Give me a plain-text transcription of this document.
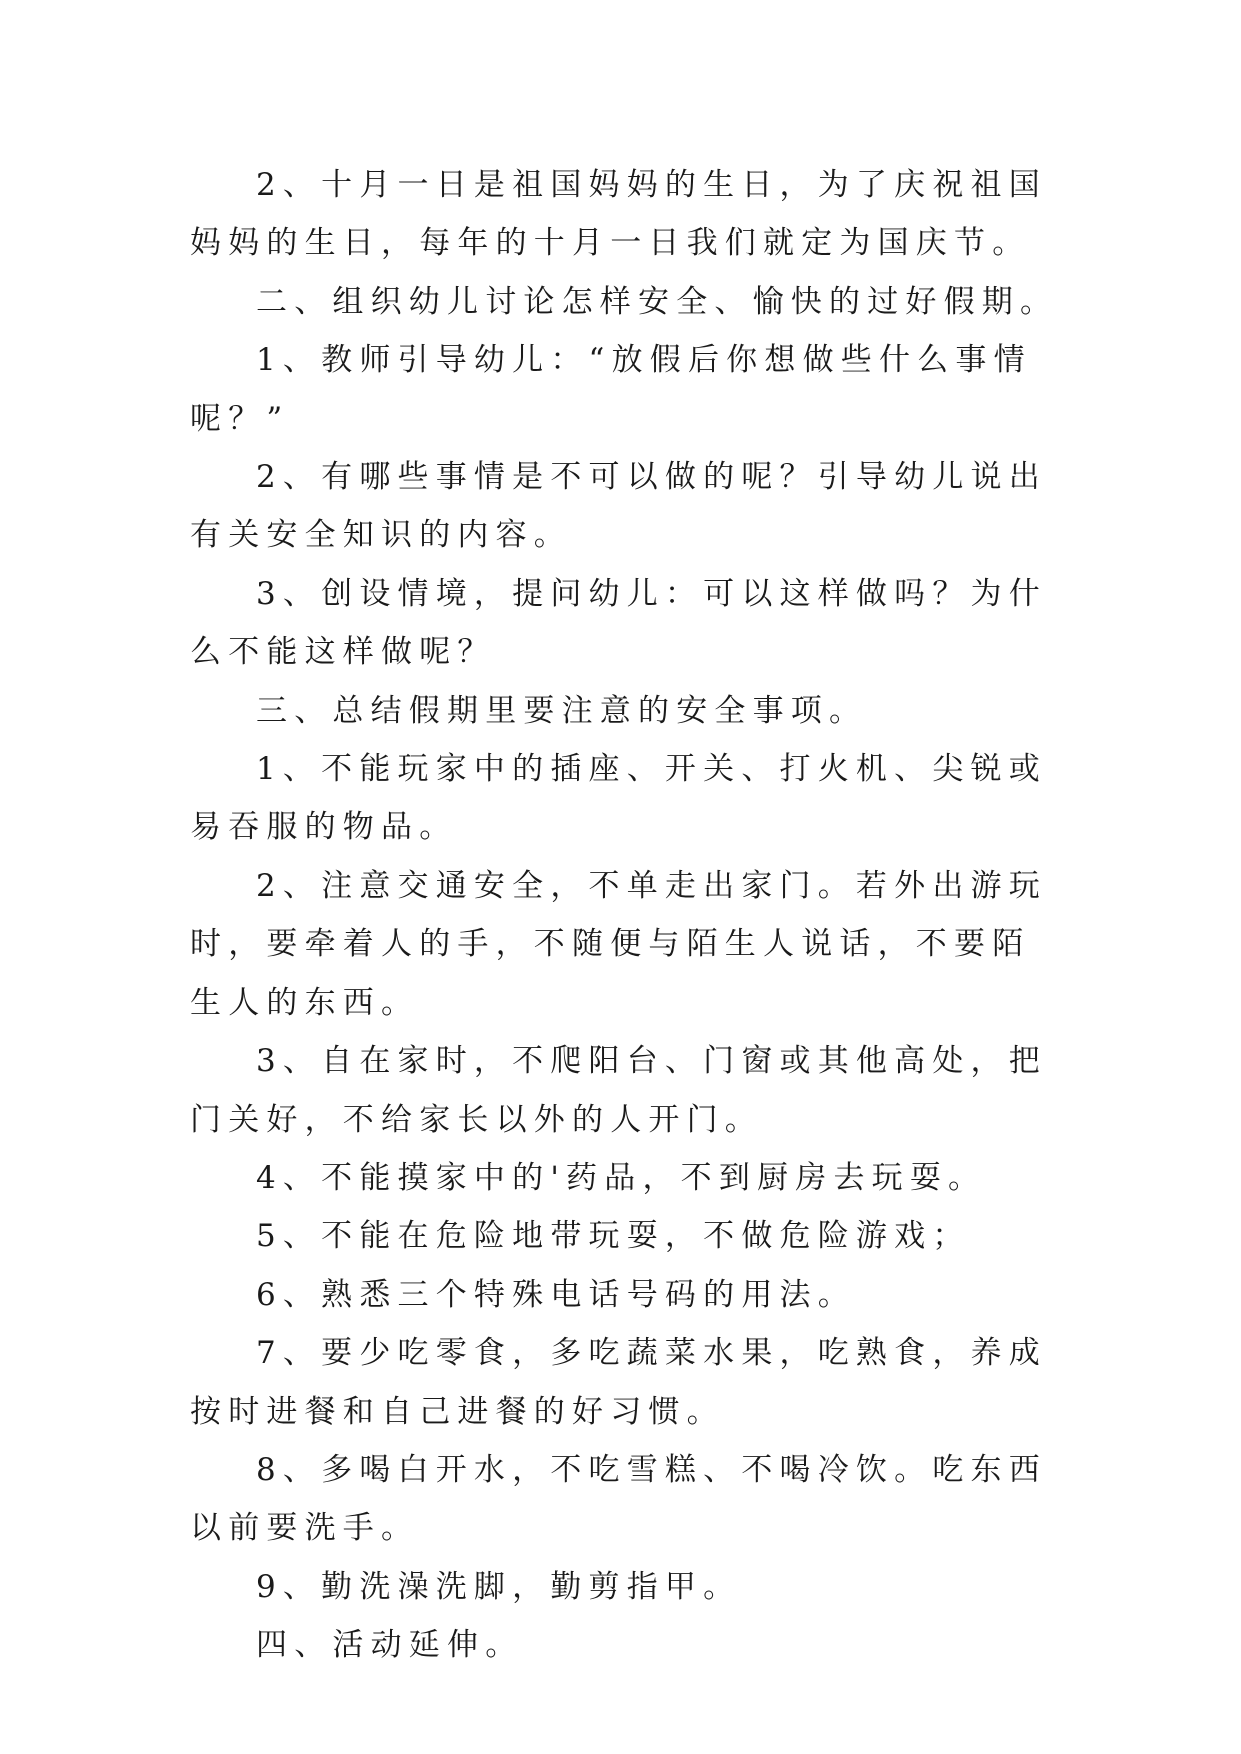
2、十月一日是祖国妈妈的生日，为了庆祝祖国妈妈的生日，每年的十月一日我们就定为国庆节。

二、组织幼儿讨论怎样安全、愉快的过好假期。

1、教师引导幼儿：“放假后你想做些什么事情呢？”

2、有哪些事情是不可以做的呢？引导幼儿说出有关安全知识的内容。

3、创设情境，提问幼儿：可以这样做吗？为什么不能这样做呢？

三、总结假期里要注意的安全事项。

1、不能玩家中的插座、开关、打火机、尖锐或易吞服的物品。

2、注意交通安全，不单走出家门。若外出游玩时，要牵着人的手，不随便与陌生人说话，不要陌生人的东西。

3、自在家时，不爬阳台、门窗或其他高处，把门关好，不给家长以外的人开门。

4、不能摸家中的'药品，不到厨房去玩耍。

5、不能在危险地带玩耍，不做危险游戏；

6、熟悉三个特殊电话号码的用法。

7、要少吃零食，多吃蔬菜水果，吃熟食，养成按时进餐和自己进餐的好习惯。

8、多喝白开水，不吃雪糕、不喝冷饮。吃东西以前要洗手。

9、勤洗澡洗脚，勤剪指甲。

四、活动延伸。
